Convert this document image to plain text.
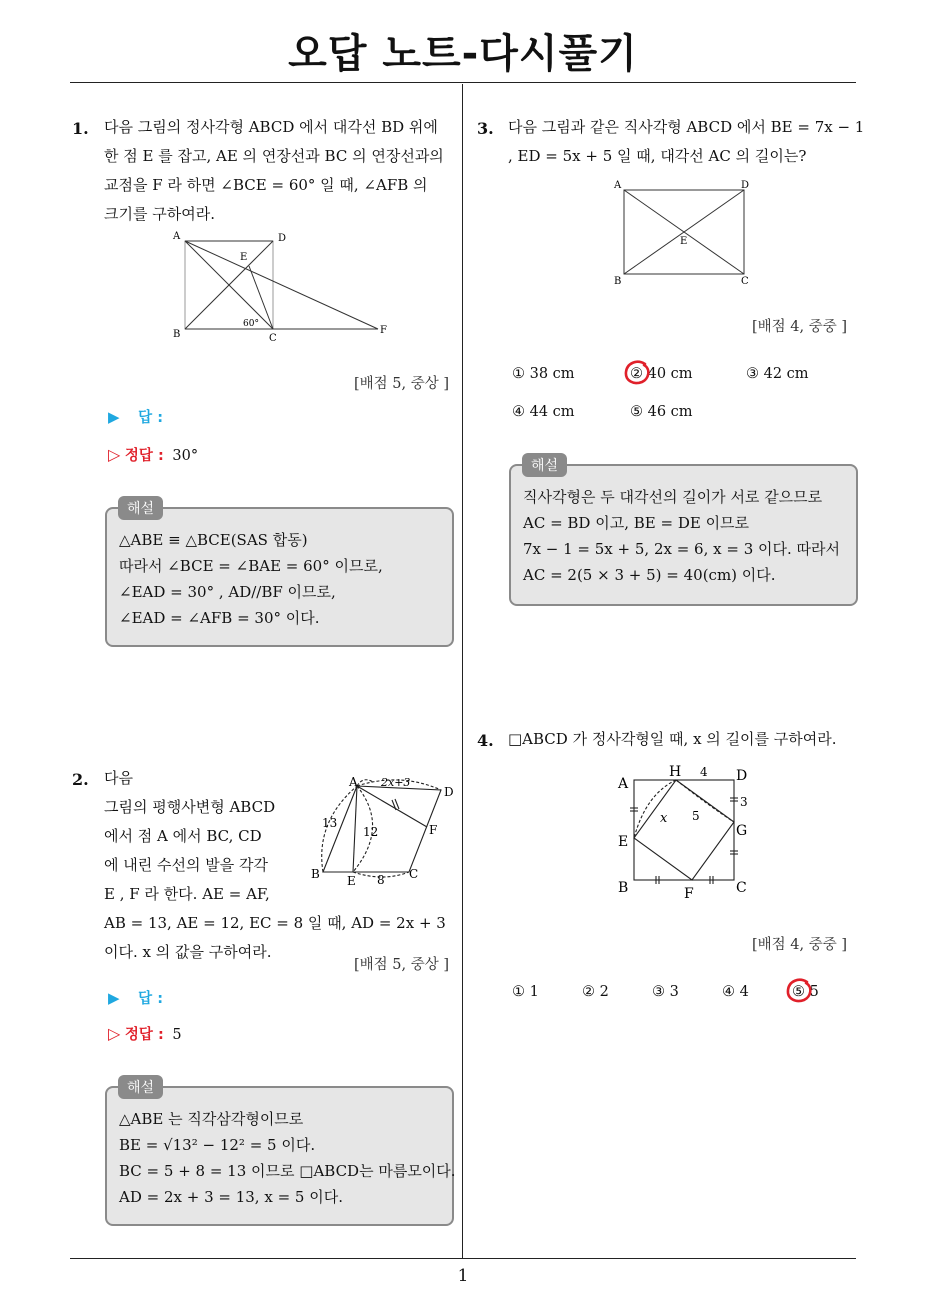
오답 노트-다시풀기
1. 다음 그림의 정사각형 ABCD 에서 대각선 BD 위에
한 점 E 를 잡고, AE 의 연장선과 BC 의 연장선과의
교점을 F 라 하면 ∠BCE = 60° 일 때, ∠AFB 의
크기를 구하여라.
A	D
E
B	C
F
60°
[배점 5, 중상 ]
▶ 답 :
▷ 정답 : 30°
△ABE ≡ △BCE(SAS 합동)
따라서 ∠BCE = ∠BAE = 60° 이므로,
∠EAD = 30° , AD//BF 이므로,
∠EAD = ∠AFB = 30° 이다.
해설
2. 다음
그림의 평행사변형 ABCD
에서 점 A 에서 BC, CD
에 내린 수선의 발을 각각
E , F 라 한다. AE = AF,
AB = 13, AE = 12, EC = 8 일 때, AD = 2x + 3
이다. x 의 값을 구하여라.
A
D
F
B E	C
2x+3
13
12
8
[배점 5, 중상 ]
▶ 답 :
▷ 정답 : 5
△ABE 는 직각삼각형이므로
BE = √13² − 12² = 5 이다.
BC = 5 + 8 = 13 이므로 □ABCD는 마름모이다.
AD = 2x + 3 = 13, x = 5 이다.
해설
3. 다음 그림과 같은 직사각형 ABCD 에서 BE = 7x − 1
, ED = 5x + 5 일 때, 대각선 AC 의 길이는?
A	D
E
B	C
[배점 4, 중중 ]
① 38 cm	② 40 cm	③ 42 cm
④ 44 cm	⑤ 46 cm
직사각형은 두 대각선의 길이가 서로 같으므로
AC = BD 이고, BE = DE 이므로
7x − 1 = 5x + 5, 2x = 6, x = 3 이다. 따라서
AC = 2(5 × 3 + 5) = 40(cm) 이다.
해설
4. □ABCD 가 정사각형일 때, x 의 길이를 구하여라.
A
H	D
4
3
G
5
x
E
B	F	C
[배점 4, 중중 ]
① 1	② 2	③ 3	④ 4	⑤ 5
1
